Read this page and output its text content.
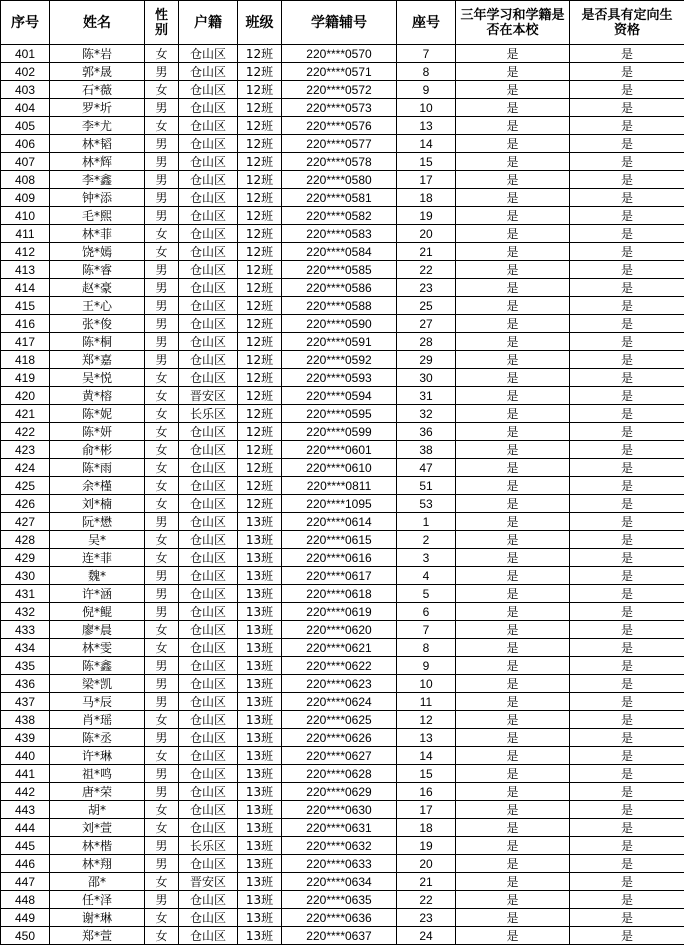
序号	姓名	性别	户籍	班级	学籍辅号	座号	三年学习和学籍是否在本校	是否具有定向生资格
401	陈*岩	女	仓山区	12班	220****0570	7	是	是
402	郭*晟	男	仓山区	12班	220****0571	8	是	是
403	石*薇	女	仓山区	12班	220****0572	9	是	是
404	罗*圻	男	仓山区	12班	220****0573	10	是	是
405	李*尤	女	仓山区	12班	220****0576	13	是	是
406	林*韬	男	仓山区	12班	220****0577	14	是	是
407	林*辉	男	仓山区	12班	220****0578	15	是	是
408	李*鑫	男	仓山区	12班	220****0580	17	是	是
409	钟*添	男	仓山区	12班	220****0581	18	是	是
410	毛*熙	男	仓山区	12班	220****0582	19	是	是
411	林*菲	女	仓山区	12班	220****0583	20	是	是
412	饶*嫣	女	仓山区	12班	220****0584	21	是	是
413	陈*睿	男	仓山区	12班	220****0585	22	是	是
414	赵*豪	男	仓山区	12班	220****0586	23	是	是
415	王*心	男	仓山区	12班	220****0588	25	是	是
416	张*俊	男	仓山区	12班	220****0590	27	是	是
417	陈*桐	男	仓山区	12班	220****0591	28	是	是
418	郑*嘉	男	仓山区	12班	220****0592	29	是	是
419	吴*悦	女	仓山区	12班	220****0593	30	是	是
420	黄*榕	女	晋安区	12班	220****0594	31	是	是
421	陈*妮	女	长乐区	12班	220****0595	32	是	是
422	陈*妍	女	仓山区	12班	220****0599	36	是	是
423	俞*彬	女	仓山区	12班	220****0601	38	是	是
424	陈*雨	女	仓山区	12班	220****0610	47	是	是
425	余*槿	女	仓山区	12班	220****0811	51	是	是
426	刘*楠	女	仓山区	12班	220****1095	53	是	是
427	阮*懋	男	仓山区	13班	220****0614	1	是	是
428	吴*	女	仓山区	13班	220****0615	2	是	是
429	连*菲	女	仓山区	13班	220****0616	3	是	是
430	魏*	男	仓山区	13班	220****0617	4	是	是
431	许*涵	男	仓山区	13班	220****0618	5	是	是
432	倪*鲲	男	仓山区	13班	220****0619	6	是	是
433	廖*晨	女	仓山区	13班	220****0620	7	是	是
434	林*雯	女	仓山区	13班	220****0621	8	是	是
435	陈*鑫	男	仓山区	13班	220****0622	9	是	是
436	梁*凯	男	仓山区	13班	220****0623	10	是	是
437	马*辰	男	仓山区	13班	220****0624	11	是	是
438	肖*瑶	女	仓山区	13班	220****0625	12	是	是
439	陈*丞	男	仓山区	13班	220****0626	13	是	是
440	许*琳	女	仓山区	13班	220****0627	14	是	是
441	祖*鸣	男	仓山区	13班	220****0628	15	是	是
442	唐*荣	男	仓山区	13班	220****0629	16	是	是
443	胡*	女	仓山区	13班	220****0630	17	是	是
444	刘*萱	女	仓山区	13班	220****0631	18	是	是
445	林*楷	男	长乐区	13班	220****0632	19	是	是
446	林*翔	男	仓山区	13班	220****0633	20	是	是
447	邵*	女	晋安区	13班	220****0634	21	是	是
448	任*泽	男	仓山区	13班	220****0635	22	是	是
449	谢*琳	女	仓山区	13班	220****0636	23	是	是
450	郑*萱	女	仓山区	13班	220****0637	24	是	是
